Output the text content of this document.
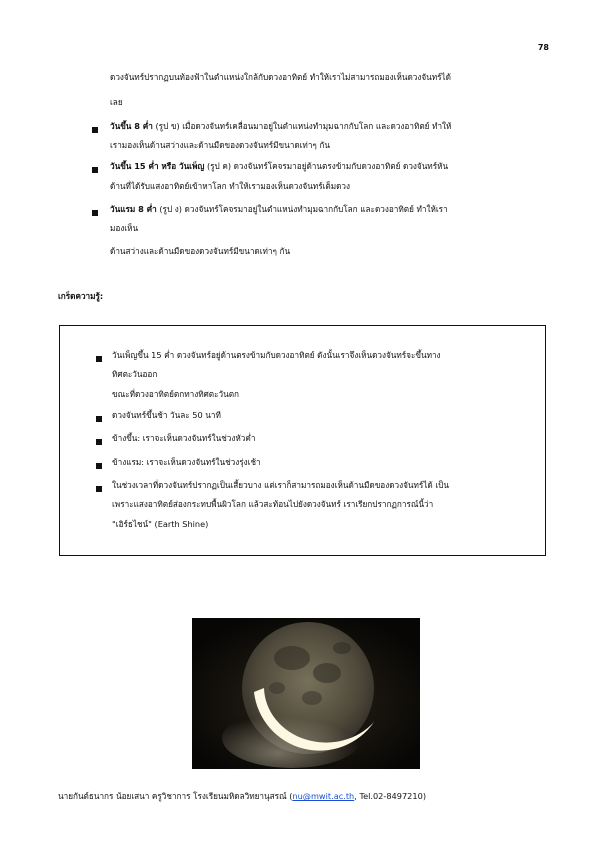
78
ดวงจันทร์ปรากฏบนท้องฟ้าในตำแหน่งใกล้กับดวงอาทิตย์ ทำให้เราไม่สามารถมองเห็นดวงจันทร์ได้
เลย
วันขึ้น 8 ค่ำ (รูป ข) เมื่อดวงจันทร์เคลื่อนมาอยู่ในตำแหน่งทำมุมฉากกับโลก และดวงอาทิตย์ ทำให้
เรามองเห็นด้านสว่างและด้านมืดของดวงจันทร์มีขนาดเท่าๆ กัน
วันขึ้น 15 ค่ำ หรือ วันเพ็ญ (รูป ค) ดวงจันทร์โคจรมาอยู่ด้านตรงข้ามกับดวงอาทิตย์ ดวงจันทร์หัน
ด้านที่ได้รับแสงอาทิตย์เข้าหาโลก ทำให้เรามองเห็นดวงจันทร์เต็มดวง
วันแรม 8 ค่ำ (รูป ง) ดวงจันทร์โคจรมาอยู่ในตำแหน่งทำมุมฉากกับโลก และดวงอาทิตย์ ทำให้เรา
มองเห็น
ด้านสว่างและด้านมืดของดวงจันทร์มีขนาดเท่าๆ กัน
เกร็ดความรู้:
วันเพ็ญขึ้น 15 ค่ำ ดวงจันทร์อยู่ด้านตรงข้ามกับดวงอาทิตย์ ดังนั้นเราจึงเห็นดวงจันทร์จะขึ้นทาง
ทิศตะวันออก
ขณะที่ดวงอาทิตย์ตกทางทิศตะวันตก
ดวงจันทร์ขึ้นช้า วันละ 50 นาที
ข้างขึ้น: เราจะเห็นดวงจันทร์ในช่วงหัวค่ำ
ข้างแรม: เราจะเห็นดวงจันทร์ในช่วงรุ่งเช้า
ในช่วงเวลาที่ดวงจันทร์ปรากฏเป็นเสี้ยวบาง แต่เราก็สามารถมองเห็นด้านมืดของดวงจันทร์ได้ เป็น
เพราะแสงอาทิตย์ส่องกระทบพื้นผิวโลก แล้วสะท้อนไปยังดวงจันทร์ เราเรียกปรากฏการณ์นี้ว่า
"เอิร์ธไชน์" (Earth Shine)
นายกันต์ธนากร น้อยเสนา ครูวิชาการ โรงเรียนมหิดลวิทยานุสรณ์ (nu@mwit.ac.th, Tel.02-8497210)
